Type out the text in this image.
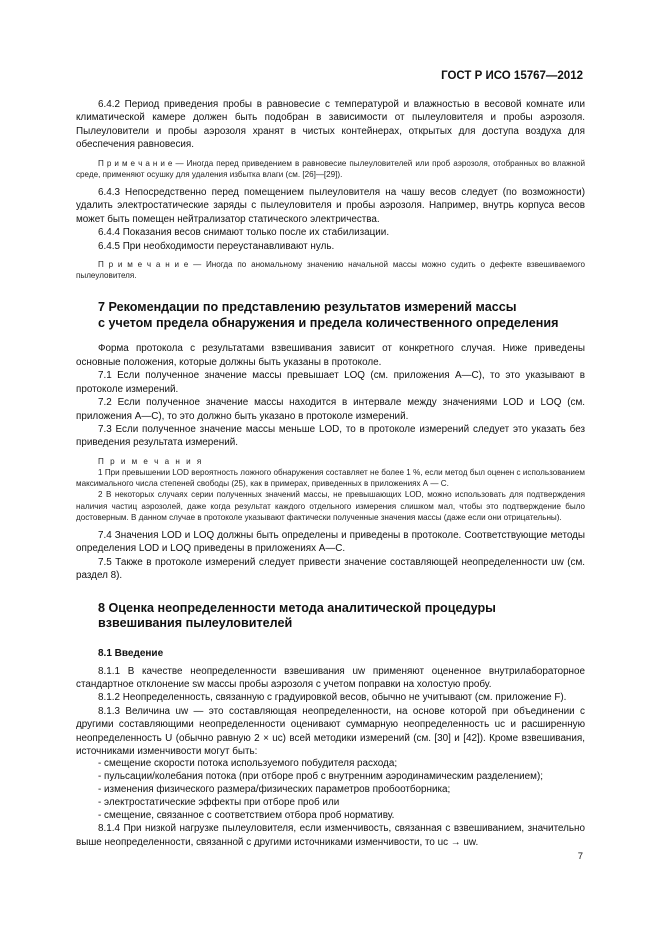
ГОСТ Р ИСО 15767—2012

6.4.2 Период приведения пробы в равновесие с температурой и влажностью в весовой комнате или климатической камере должен быть подобран в зависимости от пылеуловителя и пробы аэрозоля. Пылеуловители и пробы аэрозоля хранят в чистых контейнерах, открытых для доступа воздуха для обеспечения равновесия.

П р и м е ч а н и е — Иногда перед приведением в равновесие пылеуловителей или проб аэрозоля, отобранных во влажной среде, применяют осушку для удаления избытка влаги (см. [26]—[29]).

6.4.3 Непосредственно перед помещением пылеуловителя на чашу весов следует (по возможности) удалить электростатические заряды с пылеуловителя и пробы аэрозоля. Например, внутрь корпуса весов может быть помещен нейтрализатор статического электричества.

6.4.4 Показания весов снимают только после их стабилизации.

6.4.5 При необходимости переустанавливают нуль.

П р и м е ч а н и е — Иногда по аномальному значению начальной массы можно судить о дефекте взвешиваемого пылеуловителя.

7 Рекомендации по представлению результатов измерений массы
с учетом предела обнаружения и предела количественного определения

Форма протокола с результатами взвешивания зависит от конкретного случая. Ниже приведены основные положения, которые должны быть указаны в протоколе.

7.1 Если полученное значение массы превышает LOQ (см. приложения А—С), то это указывают в протоколе измерений.

7.2 Если полученное значение массы находится в интервале между значениями LOD и LOQ (см. приложения А—С), то это должно быть указано в протоколе измерений.

7.3 Если полученное значение массы меньше LOD, то в протоколе измерений следует это указать без приведения результата измерений.

П р и м е ч а н и я

1 При превышении LOD вероятность ложного обнаружения составляет не более 1 %, если метод был оценен с использованием максимального числа степеней свободы (25), как в примерах, приведенных в приложениях А — С.

2 В некоторых случаях серии полученных значений массы, не превышающих LOD, можно использовать для подтверждения наличия частиц аэрозолей, даже когда результат каждого отдельного измерения слишком мал, чтобы это подтверждение было достоверным. В данном случае в протоколе указывают фактически полученные значения массы (даже если они отрицательны).

7.4 Значения LOD и LOQ должны быть определены и приведены в протоколе. Соответствующие методы определения LOD и LOQ приведены в приложениях А—С.

7.5 Также в протоколе измерений следует привести значение составляющей неопределенности uw (см. раздел 8).

8 Оценка неопределенности метода аналитической процедуры
взвешивания пылеуловителей
8.1 Введение

8.1.1 В качестве неопределенности взвешивания uw применяют оцененное внутрилабораторное стандартное отклонение sw массы пробы аэрозоля с учетом поправки на холостую пробу.

8.1.2 Неопределенность, связанную с градуировкой весов, обычно не учитывают (см. приложение F).

8.1.3 Величина uw — это составляющая неопределенности, на основе которой при объединении с другими составляющими неопределенности оценивают суммарную неопределенность uc и расширенную неопределенность U (обычно равную 2 × uc) всей методики измерений (см. [30] и [42]). Кроме взвешивания, источниками изменчивости могут быть:

- смещение скорости потока используемого побудителя расхода;
- пульсации/колебания потока (при отборе проб с внутренним аэродинамическим разделением);
- изменения физического размера/физических параметров пробоотборника;
- электростатические эффекты при отборе проб или
- смещение, связанное с соответствием отбора проб нормативу.

8.1.4 При низкой нагрузке пылеуловителя, если изменчивость, связанная с взвешиванием, значительно выше неопределенности, связанной с другими источниками изменчивости, то uc → uw.

7
